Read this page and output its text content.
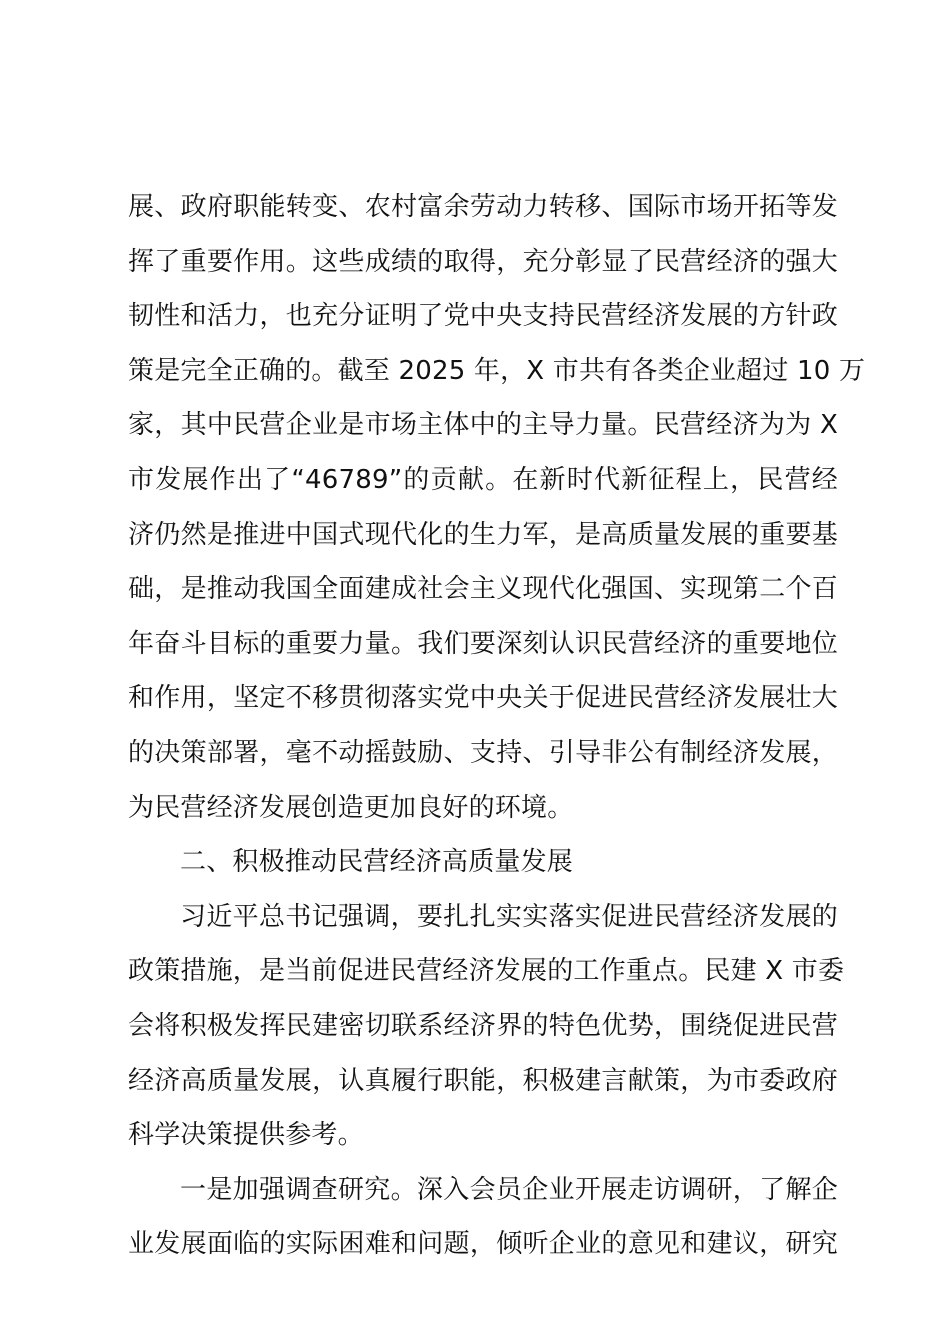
展、政府职能转变、农村富余劳动力转移、国际市场开拓等发
挥了重要作用。这些成绩的取得，充分彰显了民营经济的强大
韧性和活力，也充分证明了党中央支持民营经济发展的方针政
策是完全正确的。截至 2025 年，X 市共有各类企业超过 10 万
家，其中民营企业是市场主体中的主导力量。民营经济为为 X
市发展作出了“46789”的贡献。在新时代新征程上，民营经
济仍然是推进中国式现代化的生力军，是高质量发展的重要基
础，是推动我国全面建成社会主义现代化强国、实现第二个百
年奋斗目标的重要力量。我们要深刻认识民营经济的重要地位
和作用，坚定不移贯彻落实党中央关于促进民营经济发展壮大
的决策部署，毫不动摇鼓励、支持、引导非公有制经济发展，
为民营经济发展创造更加良好的环境。
二、积极推动民营经济高质量发展
习近平总书记强调，要扎扎实实落实促进民营经济发展的
政策措施，是当前促进民营经济发展的工作重点。民建 X 市委
会将积极发挥民建密切联系经济界的特色优势，围绕促进民营
经济高质量发展，认真履行职能，积极建言献策，为市委政府
科学决策提供参考。
一是加强调查研究。深入会员企业开展走访调研，了解企
业发展面临的实际困难和问题，倾听企业的意见和建议，研究
